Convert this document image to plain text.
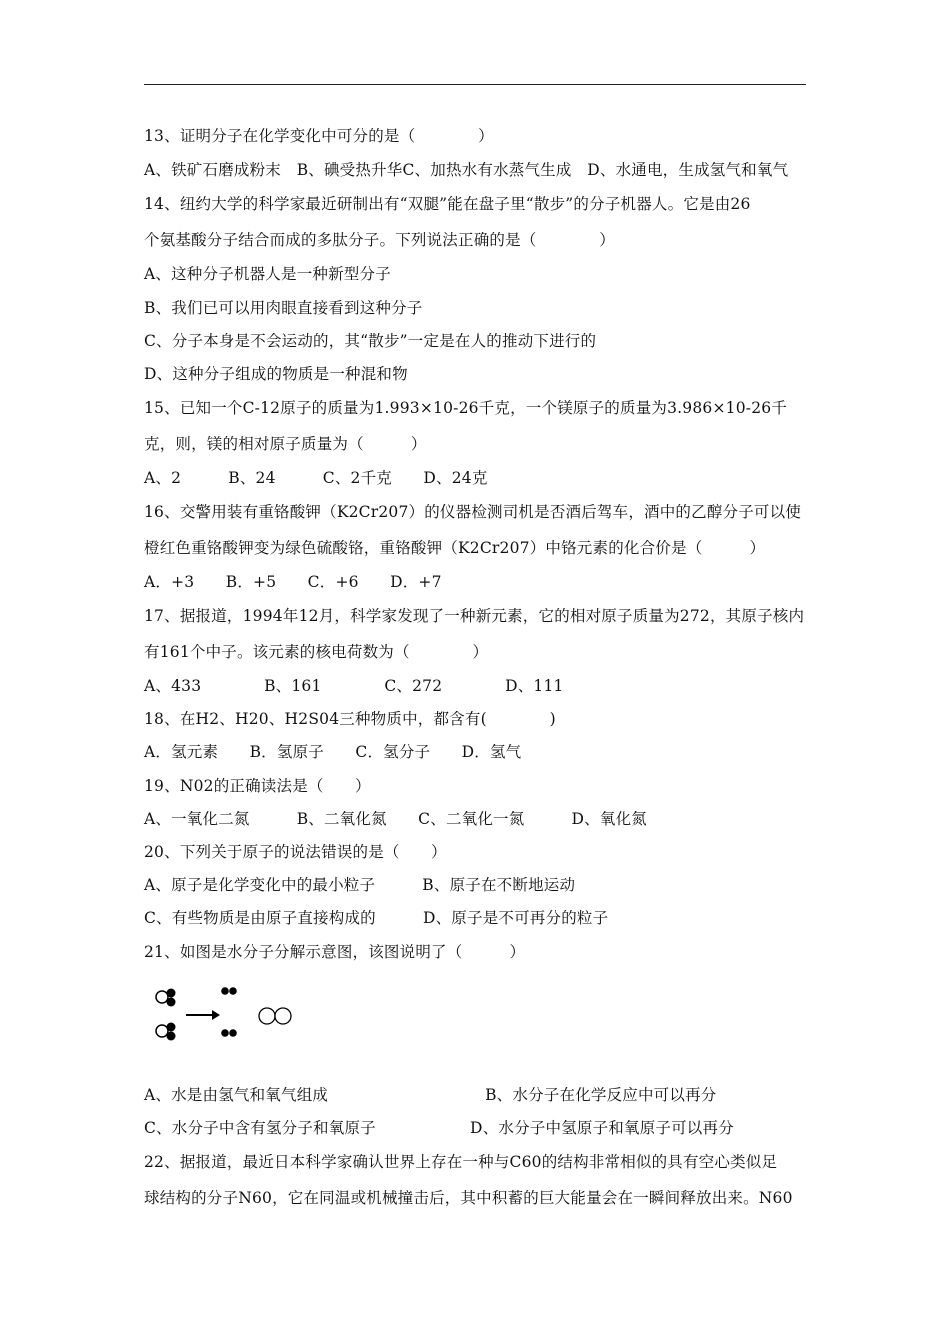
13、证明分子在化学变化中可分的是（　　　　）
A、铁矿石磨成粉末　B、碘受热升华C、加热水有水蒸气生成　D、水通电，生成氢气和氧气
14、纽约大学的科学家最近研制出有“双腿”能在盘子里“散步”的分子机器人。它是由26
个氨基酸分子结合而成的多肽分子。下列说法正确的是（　　　　）
A、这种分子机器人是一种新型分子
B、我们已可以用肉眼直接看到这种分子
C、分子本身是不会运动的，其“散步”一定是在人的推动下进行的
D、这种分子组成的物质是一种混和物
15、已知一个C-12原子的质量为1.993×10-26千克，一个镁原子的质量为3.986×10-26千
克，则，镁的相对原子质量为（　　　）
A、2　　　B、24　　　C、2千克　　D、24克
16、交警用装有重铬酸钾（K2Cr207）的仪器检测司机是否酒后驾车，酒中的乙醇分子可以使
橙红色重铬酸钾变为绿色硫酸铬，重铬酸钾（K2Cr207）中铬元素的化合价是（　　　）
A．+3　　B．+5　　C．+6　　D．+7
17、据报道，1994年12月，科学家发现了一种新元素，它的相对原子质量为272，其原子核内
有161个中子。该元素的核电荷数为（　　　　）
A、433　　　　B、161　　　　C、272　　　　D、111
18、在H2、H20、H2S04三种物质中，都含有(　　　　)
A．氢元素　　B．氢原子　　C．氢分子　　D．氢气
19、N02的正确读法是（　　）
A、一氧化二氮　　　B、二氧化氮　　C、二氧化一氮　　　D、氧化氮
20、下列关于原子的说法错误的是（　　）
A、原子是化学变化中的最小粒子　　　B、原子在不断地运动
C、有些物质是由原子直接构成的　　　D、原子是不可再分的粒子
21、如图是水分子分解示意图，该图说明了（　　　）
A、水是由氢气和氧气组成　　　　　　　　　　B、水分子在化学反应中可以再分
C、水分子中含有氢分子和氧原子　　　　　　D、水分子中氢原子和氧原子可以再分
22、据报道，最近日本科学家确认世界上存在一种与C60的结构非常相似的具有空心类似足
球结构的分子N60，它在同温或机械撞击后，其中积蓄的巨大能量会在一瞬间释放出来。N60
